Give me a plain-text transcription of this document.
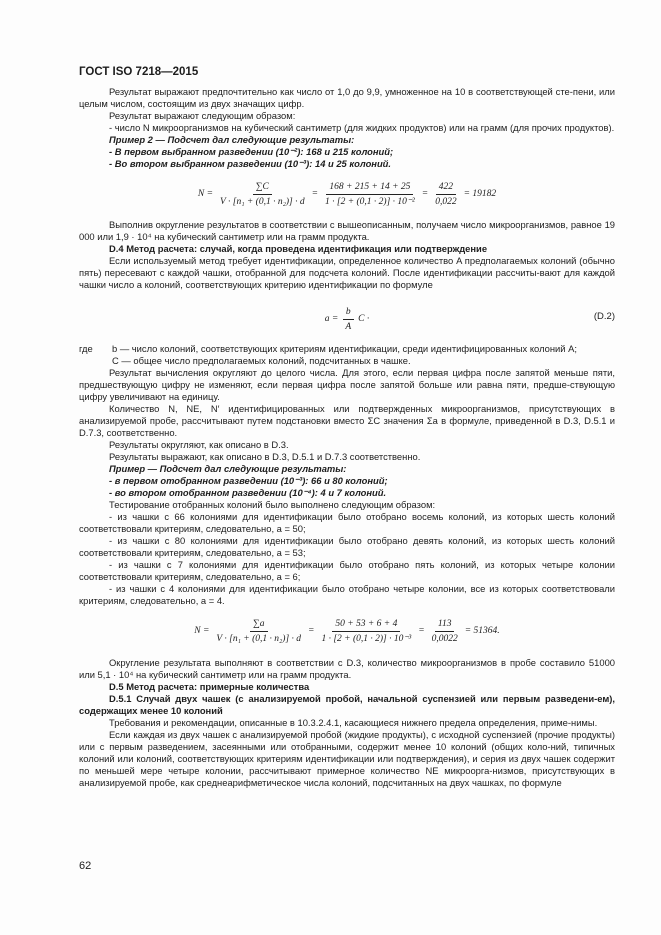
ГОСТ ISO 7218—2015

Результат выражают предпочтительно как число от 1,0 до 9,9, умноженное на 10 в соответствующей сте-пени, или целым числом, состоящим из двух значащих цифр.

Результат выражают следующим образом:

- число N микроорганизмов на кубический сантиметр (для жидких продуктов) или на грамм (для прочих продуктов).

Пример 2 — Подсчет дал следующие результаты:

- В первом выбранном разведении (10⁻²): 168 и 215 колоний;

- Во втором выбранном разведении (10⁻³): 14 и 25 колоний.

$N = \frac{\sum C}{\text{V · [n₁ + (0,1 · n₂)] · d}} = \frac{168 + 215 + 14 + 25}{\text{1 · [2 + (0,1 · 2)] · 10⁻²}} = \frac{422}{0,022} = 19182$

Выполнив округление результатов в соответствии с вышеописанным, получаем число микроорганизмов, равное 19 000 или 1,9 · 10⁴ на кубический сантиметр или на грамм продукта.

D.4 Метод расчета: случай, когда проведена идентификация или подтверждение

Если используемый метод требует идентификации, определенное количество A предполагаемых колоний (обычно пять) пересевают с каждой чашки, отобранной для подсчета колоний. После идентификации рассчиты-вают для каждой чашки число a колоний, соответствующих критерию идентификации по формуле

$a = \frac{b}{A}$ C ·	(D.2)
где	b — число колоний, соответствующих критериям идентификации, среди идентифицированных колоний A;
C — общее число предполагаемых колоний, подсчитанных в чашке.

Результат вычисления округляют до целого числа. Для этого, если первая цифра после запятой меньше пяти, предшествующую цифру не изменяют, если первая цифра после запятой больше или равна пяти, предше-ствующую цифру увеличивают на единицу.

Количество N, NE, N′ идентифицированных или подтвержденных микроорганизмов, присутствующих в анализируемой пробе, рассчитывают путем подстановки вместо ΣC значения Σa в формуле, приведенной в D.3, D.5.1 и D.7.3, соответственно.

Результаты округляют, как описано в D.3.

Результаты выражают, как описано в D.3, D.5.1 и D.7.3 соответственно.

Пример — Подсчет дал следующие результаты:

- в первом отобранном разведении (10⁻³): 66 и 80 колоний;

- во втором отобранном разведении (10⁻⁴): 4 и 7 колоний.

Тестирование отобранных колоний было выполнено следующим образом:

- из чашки с 66 колониями для идентификации было отобрано восемь колоний, из которых шесть колоний соответствовали критериям, следовательно, a = 50;

- из чашки с 80 колониями для идентификации было отобрано девять колоний, из которых шесть колоний соответствовали критериям, следовательно, a = 53;

- из чашки с 7 колониями для идентификации было отобрано пять колоний, из которых четыре колонии соответствовали критериям, следовательно, a = 6;

- из чашки с 4 колониями для идентификации было отобрано четыре колонии, все из которых соответствовали критериям, следовательно, a = 4.

$N = \frac{\sum a}{\text{V · [n₁ + (0,1 · n₂)] · d}} = \frac{50 + 53 + 6 + 4}{\text{1 · [2 + (0,1 · 2)] · 10⁻³}} = \frac{113}{0,0022} = 51364$.

Округление результата выполняют в соответствии с D.3, количество микроорганизмов в пробе составило 51000 или 5,1 · 10⁴ на кубический сантиметр или на грамм продукта.

D.5 Метод расчета: примерные количества

D.5.1 Случай двух чашек (с анализируемой пробой, начальной суспензией или первым разведени-ем), содержащих менее 10 колоний

Требования и рекомендации, описанные в 10.3.2.4.1, касающиеся нижнего предела определения, приме-нимы.

Если каждая из двух чашек с анализируемой пробой (жидкие продукты), с исходной суспензией (прочие продукты) или с первым разведением, засеянными или отобранными, содержит менее 10 колоний (общих коло-ний, типичных колоний или колоний, соответствующих критериям идентификации или подтверждения), и серия из двух чашек содержит по меньшей мере четыре колонии, рассчитывают примерное количество NE микроорга-низмов, присутствующих в анализируемой пробе, как среднеарифметическое числа колоний, подсчитанных на двух чашках, по формуле

62
